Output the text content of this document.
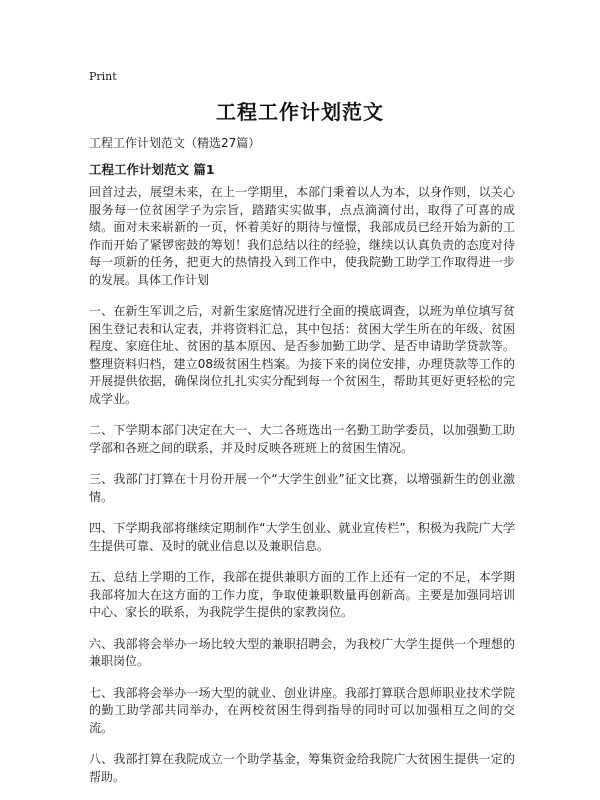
Print
工程工作计划范文

工程工作计划范文（精选27篇）

工程工作计划范文 篇1

回首过去，展望未来，在上一学期里，本部门秉着以人为本，以身作则，以关心服务每一位贫困学子为宗旨，踏踏实实做事，点点滴滴付出，取得了可喜的成绩。面对未来崭新的一页，怀着美好的期待与憧憬，我部成员已经开始为新的工作而开始了紧锣密鼓的筹划！我们总结以往的经验，继续以认真负责的态度对待每一项新的任务，把更大的热情投入到工作中，使我院勤工助学工作取得进一步的发展。具体工作计划

一、在新生军训之后，对新生家庭情况进行全面的摸底调查，以班为单位填写贫困生登记表和认定表，并将资料汇总，其中包括：贫困大学生所在的年级、贫困程度、家庭住址、贫困的基本原因、是否参加勤工助学、是否申请助学贷款等。整理资料归档，建立08级贫困生档案。为接下来的岗位安排，办理贷款等工作的开展提供依据，确保岗位扎扎实实分配到每一个贫困生，帮助其更好更轻松的完成学业。

二、下学期本部门决定在大一、大二各班选出一名勤工助学委员，以加强勤工助学部和各班之间的联系，并及时反映各班班上的贫困生情况。

三、我部门打算在十月份开展一个“大学生创业”征文比赛，以增强新生的创业激情。

四、下学期我部将继续定期制作“大学生创业、就业宣传栏”，积极为我院广大学生提供可靠、及时的就业信息以及兼职信息。

五、总结上学期的工作，我部在提供兼职方面的工作上还有一定的不足，本学期我部将加大在这方面的工作力度，争取使兼职数量再创新高。主要是加强同培训中心、家长的联系，为我院学生提供的家教岗位。

六、我部将会举办一场比较大型的兼职招聘会，为我校广大学生提供一个理想的兼职岗位。

七、我部将会举办一场大型的就业、创业讲座。我部打算联合恩师职业技术学院的勤工助学部共同举办，在两校贫困生得到指导的同时可以加强相互之间的交流。

八、我部打算在我院成立一个助学基金，筹集资金给我院广大贫困生提供一定的帮助。
